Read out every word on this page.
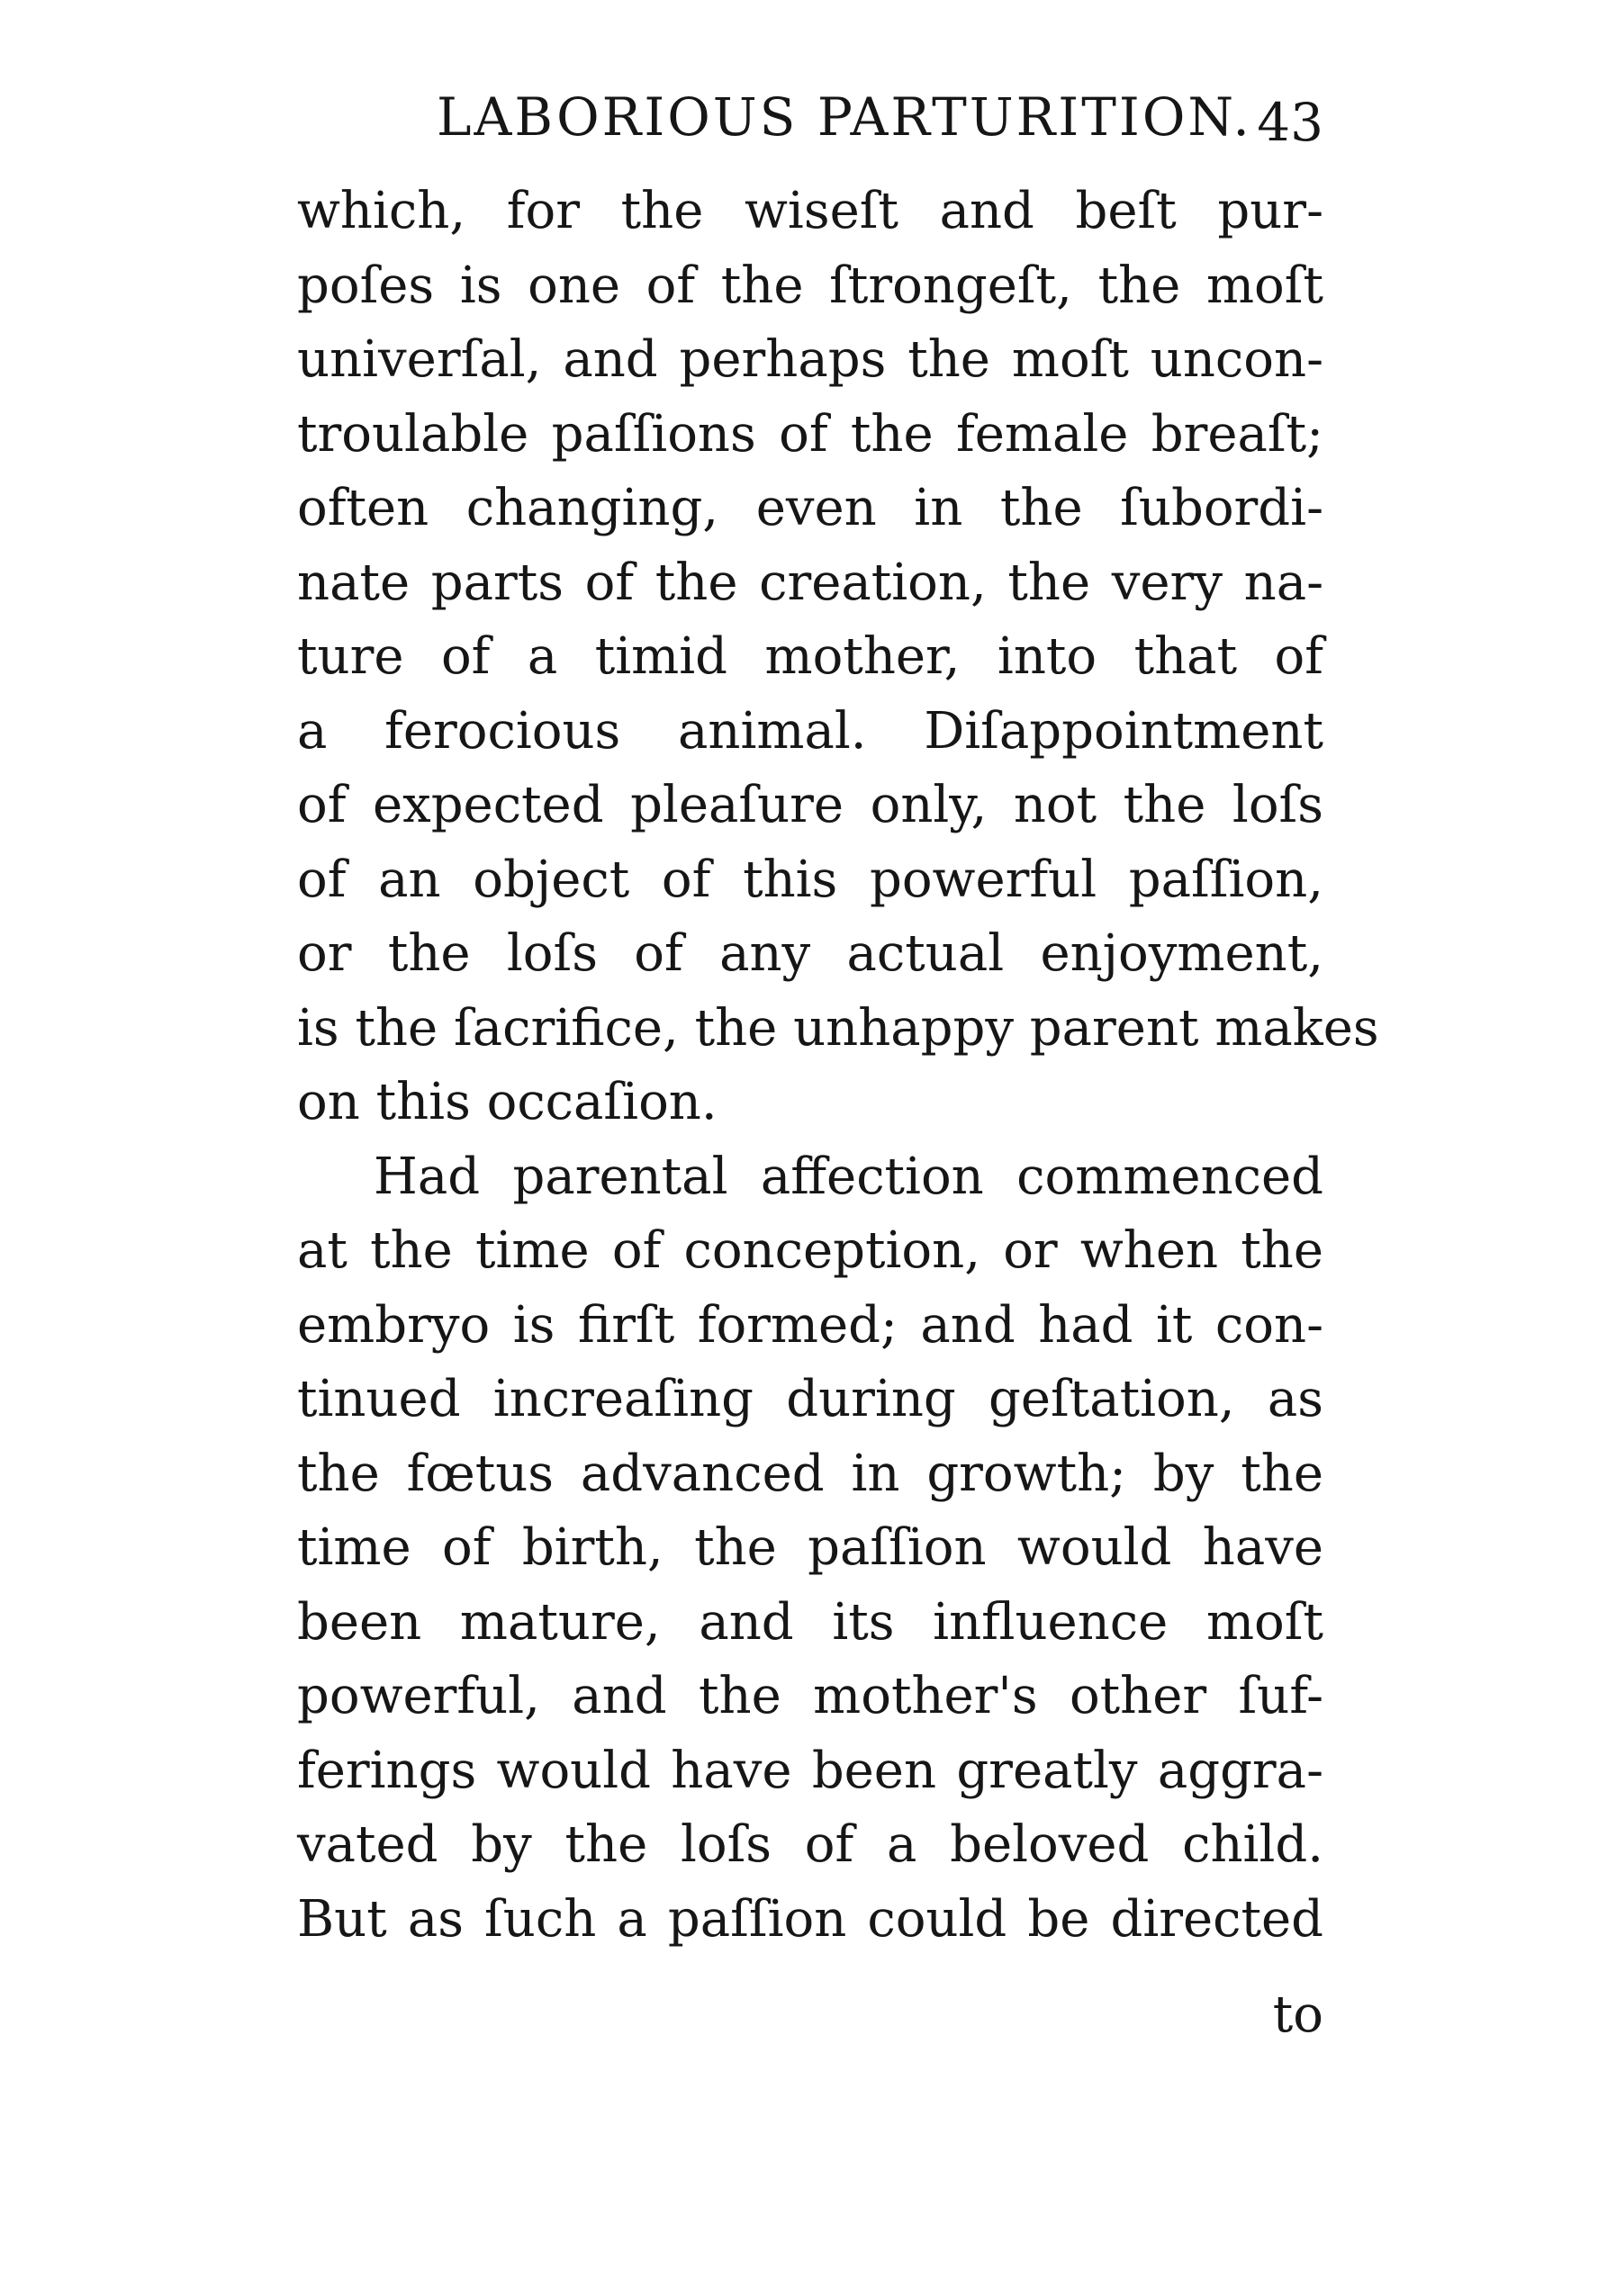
LABORIOUS PARTURITION. 43
which, for the wiseſt and beſt pur-
poſes is one of the ſtrongeſt, the moſt
univerſal, and perhaps the moſt uncon-
troulable paſſions of the female breaſt;
often changing, even in the ſubordi-
nate parts of the creation, the very na-
ture of a timid mother, into that of
a ferocious animal. Diſappointment
of expected pleaſure only, not the loſs
of an object of this powerful paſſion,
or the loſs of any actual enjoyment,
is the ſacrifice, the unhappy parent makes
on this occaſion.
Had parental affection commenced
at the time of conception, or when the
embryo is firſt formed; and had it con-
tinued increaſing during geſtation, as
the fœtus advanced in growth; by the
time of birth, the paſſion would have
been mature, and its influence moſt
powerful, and the mother's other ſuf-
ferings would have been greatly aggra-
vated by the loſs of a beloved child.
But as ſuch a paſſion could be directed
to
